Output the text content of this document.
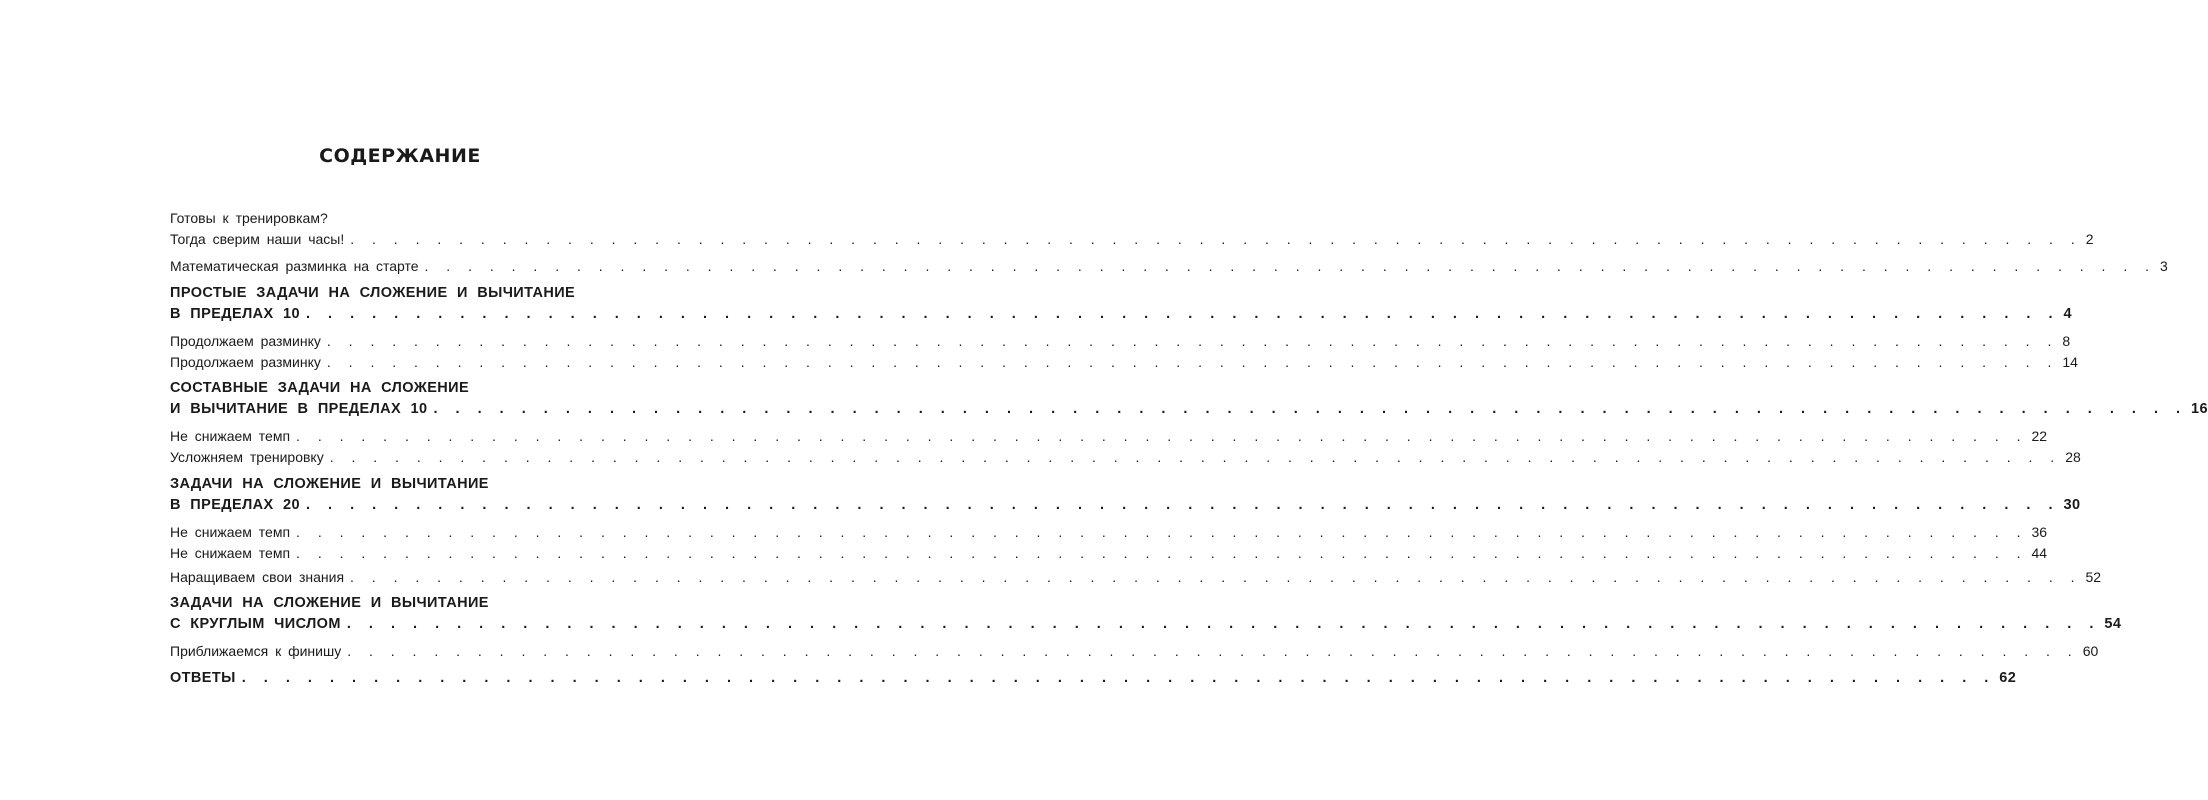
СОДЕРЖАНИЕ
Готовы к тренировкам?
Тогда сверим наши часы! . . . . . . . . . . . . . . . . . . . . . . . . . . . . . . . . . . . . . . . . . . . . . . . . . . . . . . . . . . . . . . . . . . . . . . . . . . . . . . . . 2
Математическая разминка на старте . . . . . . . . . . . . . . . . . . . . . . . . . . . . . . . . . . . . . . . . . . . . . . . . . . . . . . . . . . . . . . . . . . . . . . . . . . . . . . . . 3
ПРОСТЫЕ ЗАДАЧИ НА СЛОЖЕНИЕ И ВЫЧИТАНИЕ
В ПРЕДЕЛАХ 10 . . . . . . . . . . . . . . . . . . . . . . . . . . . . . . . . . . . . . . . . . . . . . . . . . . . . . . . . . . . . . . . . . . . . . . . . . . . . . . . . 4
Продолжаем разминку . . . . . . . . . . . . . . . . . . . . . . . . . . . . . . . . . . . . . . . . . . . . . . . . . . . . . . . . . . . . . . . . . . . . . . . . . . . . . . . . 8
Продолжаем разминку . . . . . . . . . . . . . . . . . . . . . . . . . . . . . . . . . . . . . . . . . . . . . . . . . . . . . . . . . . . . . . . . . . . . . . . . . . . . . . . . 14
СОСТАВНЫЕ ЗАДАЧИ НА СЛОЖЕНИЕ
И ВЫЧИТАНИЕ В ПРЕДЕЛАХ 10 . . . . . . . . . . . . . . . . . . . . . . . . . . . . . . . . . . . . . . . . . . . . . . . . . . . . . . . . . . . . . . . . . . . . . . . . . . . . . . . . 16
Не снижаем темп . . . . . . . . . . . . . . . . . . . . . . . . . . . . . . . . . . . . . . . . . . . . . . . . . . . . . . . . . . . . . . . . . . . . . . . . . . . . . . . . 22
Усложняем тренировку . . . . . . . . . . . . . . . . . . . . . . . . . . . . . . . . . . . . . . . . . . . . . . . . . . . . . . . . . . . . . . . . . . . . . . . . . . . . . . . . 28
ЗАДАЧИ НА СЛОЖЕНИЕ И ВЫЧИТАНИЕ
В ПРЕДЕЛАХ 20 . . . . . . . . . . . . . . . . . . . . . . . . . . . . . . . . . . . . . . . . . . . . . . . . . . . . . . . . . . . . . . . . . . . . . . . . . . . . . . . . 30
Не снижаем темп . . . . . . . . . . . . . . . . . . . . . . . . . . . . . . . . . . . . . . . . . . . . . . . . . . . . . . . . . . . . . . . . . . . . . . . . . . . . . . . . 36
Не снижаем темп . . . . . . . . . . . . . . . . . . . . . . . . . . . . . . . . . . . . . . . . . . . . . . . . . . . . . . . . . . . . . . . . . . . . . . . . . . . . . . . . 44
Наращиваем свои знания . . . . . . . . . . . . . . . . . . . . . . . . . . . . . . . . . . . . . . . . . . . . . . . . . . . . . . . . . . . . . . . . . . . . . . . . . . . . . . . . 52
ЗАДАЧИ НА СЛОЖЕНИЕ И ВЫЧИТАНИЕ
С КРУГЛЫМ ЧИСЛОМ . . . . . . . . . . . . . . . . . . . . . . . . . . . . . . . . . . . . . . . . . . . . . . . . . . . . . . . . . . . . . . . . . . . . . . . . . . . . . . . . 54
Приближаемся к финишу . . . . . . . . . . . . . . . . . . . . . . . . . . . . . . . . . . . . . . . . . . . . . . . . . . . . . . . . . . . . . . . . . . . . . . . . . . . . . . . . 60
ОТВЕТЫ . . . . . . . . . . . . . . . . . . . . . . . . . . . . . . . . . . . . . . . . . . . . . . . . . . . . . . . . . . . . . . . . . . . . . . . . . . . . . . . . 62
